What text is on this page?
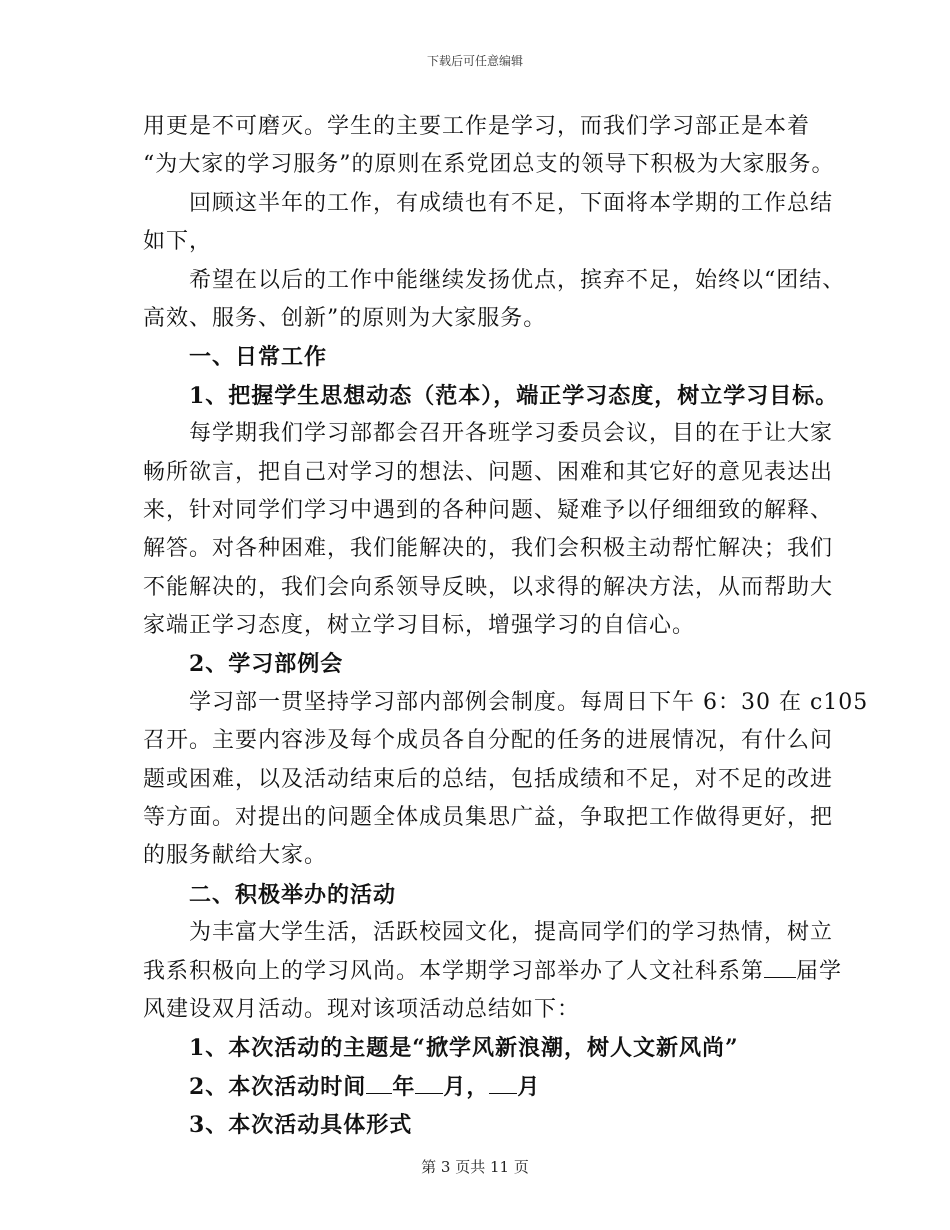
下载后可任意编辑
用更是不可磨灭。学生的主要工作是学习，而我们学习部正是本着
“为大家的学习服务”的原则在系党团总支的领导下积极为大家服务。
回顾这半年的工作，有成绩也有不足，下面将本学期的工作总结
如下，
希望在以后的工作中能继续发扬优点，摈弃不足，始终以“团结、
高效、服务、创新”的原则为大家服务。
一、日常工作
1、把握学生思想动态（范本），端正学习态度，树立学习目标。
每学期我们学习部都会召开各班学习委员会议，目的在于让大家
畅所欲言，把自己对学习的想法、问题、困难和其它好的意见表达出
来，针对同学们学习中遇到的各种问题、疑难予以仔细细致的解释、
解答。对各种困难，我们能解决的，我们会积极主动帮忙解决；我们
不能解决的，我们会向系领导反映，以求得的解决方法，从而帮助大
家端正学习态度，树立学习目标，增强学习的自信心。
2、学习部例会
学习部一贯坚持学习部内部例会制度。每周日下午 6：30 在 c105
召开。主要内容涉及每个成员各自分配的任务的进展情况，有什么问
题或困难，以及活动结束后的总结，包括成绩和不足，对不足的改进
等方面。对提出的问题全体成员集思广益，争取把工作做得更好，把
的服务献给大家。
二、积极举办的活动
为丰富大学生活，活跃校园文化，提高同学们的学习热情，树立
我系积极向上的学习风尚。本学期学习部举办了人文社科系第 届学
风建设双月活动。现对该项活动总结如下：
1、本次活动的主题是“掀学风新浪潮，树人文新风尚”
2、本次活动时间 年 月， 月
3、本次活动具体形式
第 3 页共 11 页
